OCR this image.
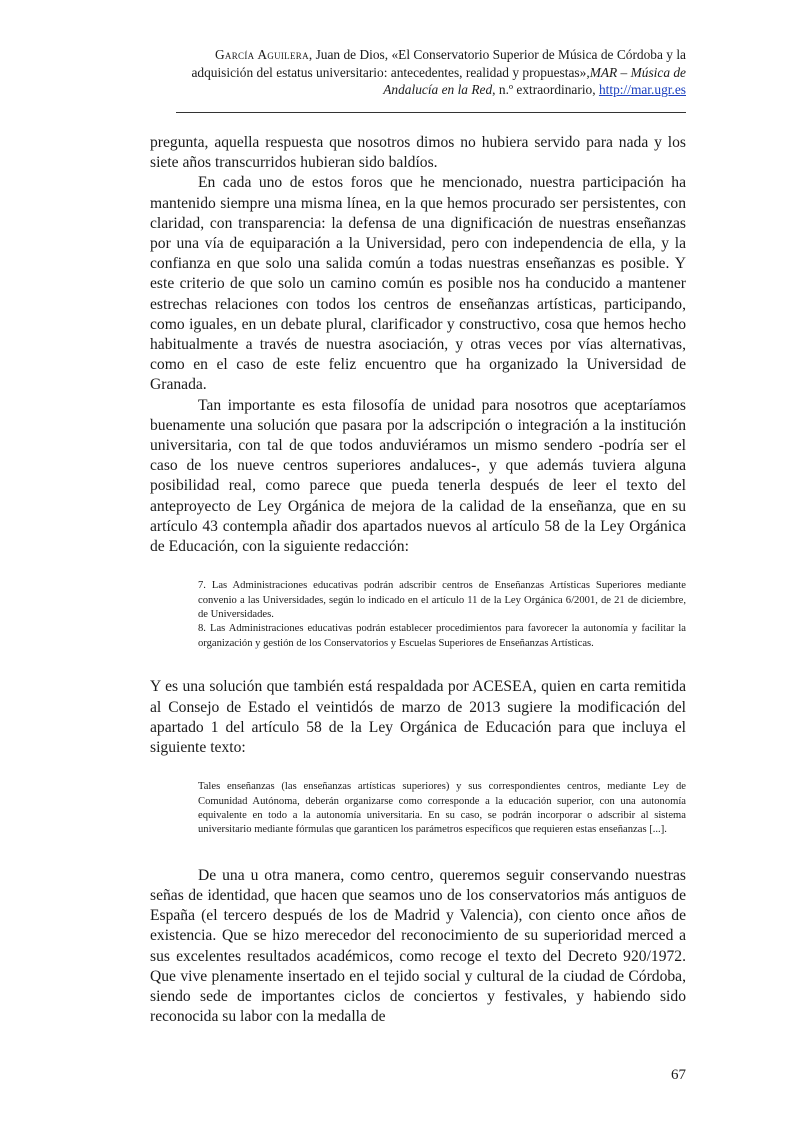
García Aguilera, Juan de Dios, «El Conservatorio Superior de Música de Córdoba y la adquisición del estatus universitario: antecedentes, realidad y propuestas»,MAR – Música de Andalucía en la Red, n.º extraordinario, http://mar.ugr.es

pregunta, aquella respuesta que nosotros dimos no hubiera servido para nada y los siete años transcurridos hubieran sido baldíos.

En cada uno de estos foros que he mencionado, nuestra participación ha mantenido siempre una misma línea, en la que hemos procurado ser persistentes, con claridad, con transparencia: la defensa de una dignificación de nuestras enseñanzas por una vía de equiparación a la Universidad, pero con independencia de ella, y la confianza en que solo una salida común a todas nuestras enseñanzas es posible. Y este criterio de que solo un camino común es posible nos ha conducido a mantener estrechas relaciones con todos los centros de enseñanzas artísticas, participando, como iguales, en un debate plural, clarificador y constructivo, cosa que hemos hecho habitualmente a través de nuestra asociación, y otras veces por vías alternativas, como en el caso de este feliz encuentro que ha organizado la Universidad de Granada.

Tan importante es esta filosofía de unidad para nosotros que aceptaríamos buenamente una solución que pasara por la adscripción o integración a la institución universitaria, con tal de que todos anduviéramos un mismo sendero -podría ser el caso de los nueve centros superiores andaluces-, y que además tuviera alguna posibilidad real, como parece que pueda tenerla después de leer el texto del anteproyecto de Ley Orgánica de mejora de la calidad de la enseñanza, que en su artículo 43 contempla añadir dos apartados nuevos al artículo 58 de la Ley Orgánica de Educación, con la siguiente redacción:

7. Las Administraciones educativas podrán adscribir centros de Enseñanzas Artísticas Superiores mediante convenio a las Universidades, según lo indicado en el artículo 11 de la Ley Orgánica 6/2001, de 21 de diciembre, de Universidades.

8. Las Administraciones educativas podrán establecer procedimientos para favorecer la autonomía y facilitar la organización y gestión de los Conservatorios y Escuelas Superiores de Enseñanzas Artísticas.

Y es una solución que también está respaldada por ACESEA, quien en carta remitida al Consejo de Estado el veintidós de marzo de 2013 sugiere la modificación del apartado 1 del artículo 58 de la Ley Orgánica de Educación para que incluya el siguiente texto:

Tales enseñanzas (las enseñanzas artísticas superiores) y sus correspondientes centros, mediante Ley de Comunidad Autónoma, deberán organizarse como corresponde a la educación superior, con una autonomía equivalente en todo a la autonomía universitaria. En su caso, se podrán incorporar o adscribir al sistema universitario mediante fórmulas que garanticen los parámetros específicos que requieren estas enseñanzas [...].

De una u otra manera, como centro, queremos seguir conservando nuestras señas de identidad, que hacen que seamos uno de los conservatorios más antiguos de España (el tercero después de los de Madrid y Valencia), con ciento once años de existencia. Que se hizo merecedor del reconocimiento de su superioridad merced a sus excelentes resultados académicos, como recoge el texto del Decreto 920/1972. Que vive plenamente insertado en el tejido social y cultural de la ciudad de Córdoba, siendo sede de importantes ciclos de conciertos y festivales, y habiendo sido reconocida su labor con la medalla de

67
